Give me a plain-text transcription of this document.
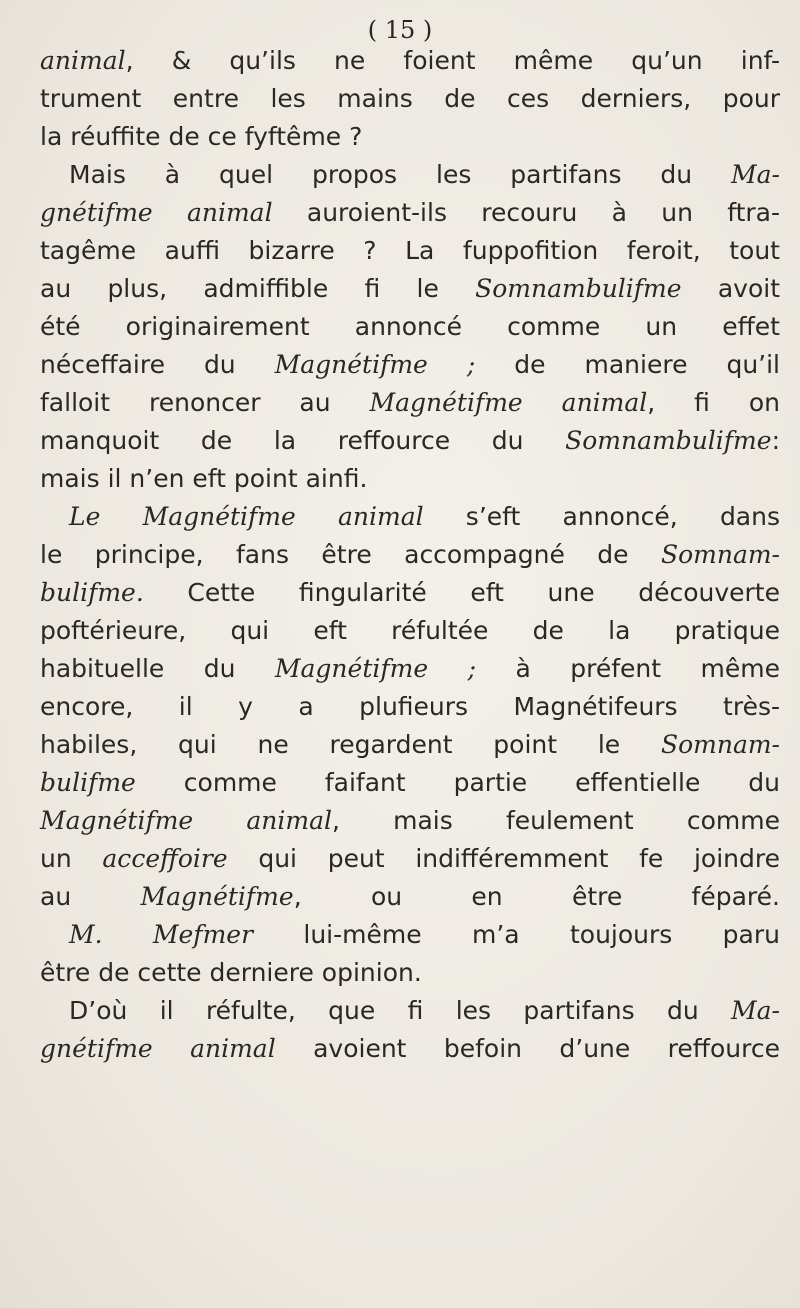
( 15 )
animal, & qu’ils ne foient même qu’un inf-
trument entre les mains de ces derniers, pour
la réuffite de ce fyftême ?
Mais à quel propos les partifans du Ma-
gnétifme animal auroient-ils recouru à un ftra-
tagême auffi bizarre ? La fuppofition feroit, tout
au plus, admiffible fi le Somnambulifme avoit
été originairement annoncé comme un effet
néceffaire du Magnétifme ; de maniere qu’il
falloit renoncer au Magnétifme animal, fi on
manquoit de la reffource du Somnambulifme:
mais il n’en eft point ainfi.
Le Magnétifme animal s’eft annoncé, dans
le principe, fans être accompagné de Somnam-
bulifme. Cette fingularité eft une découverte
poftérieure, qui eft réfultée de la pratique
habituelle du Magnétifme ; à préfent même
encore, il y a plufieurs Magnétifeurs très-
habiles, qui ne regardent point le Somnam-
bulifme comme faifant partie effentielle du
Magnétifme animal, mais feulement comme
un acceffoire qui peut indifféremment fe joindre
au Magnétifme, ou en être féparé.
M. Mefmer lui-même m’a toujours paru
être de cette derniere opinion.
D’où il réfulte, que fi les partifans du Ma-
gnétifme animal avoient befoin d’une reffource
